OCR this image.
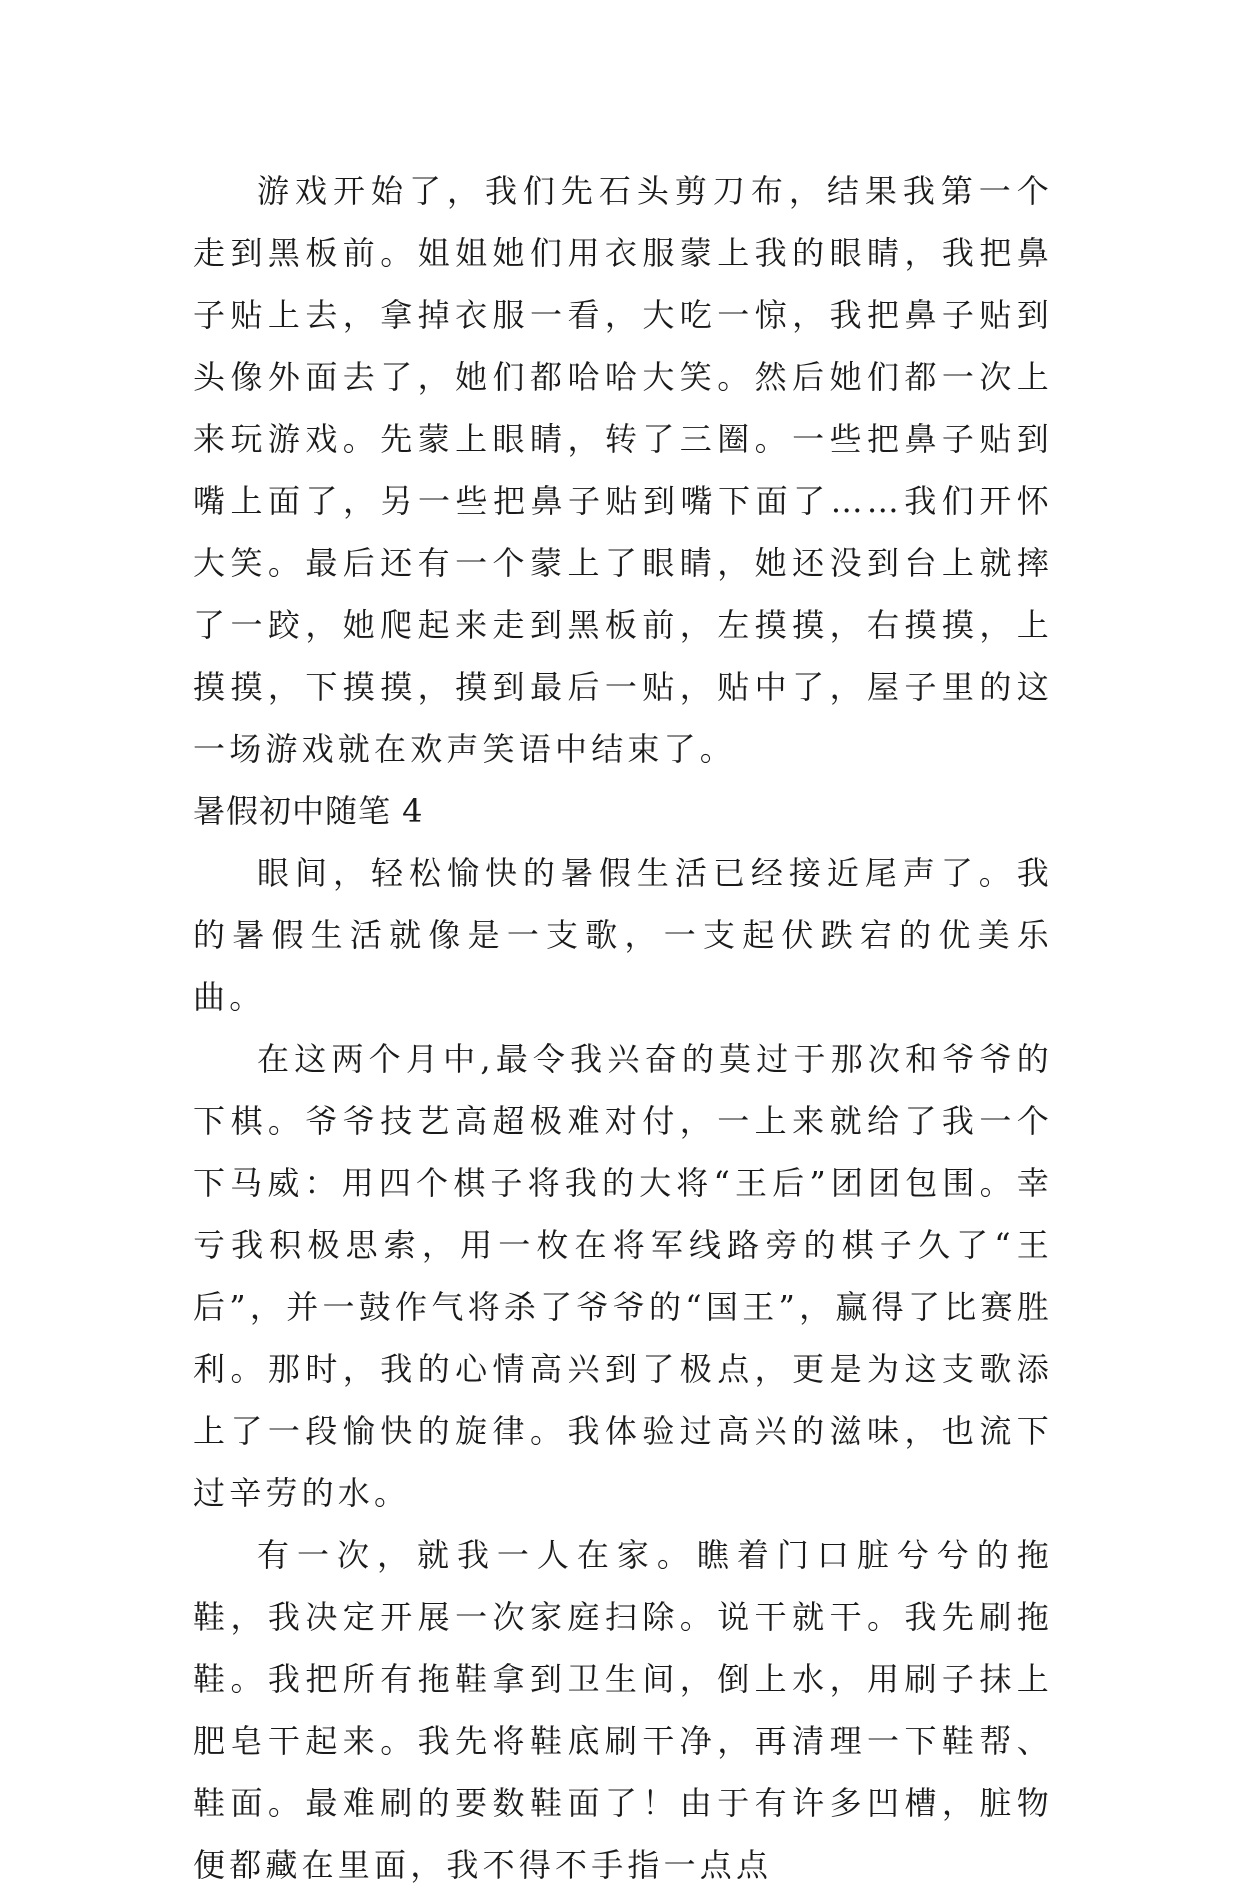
游戏开始了，我们先石头剪刀布，结果我第一个走到黑板前。姐姐她们用衣服蒙上我的眼睛，我把鼻子贴上去，拿掉衣服一看，大吃一惊，我把鼻子贴到头像外面去了，她们都哈哈大笑。然后她们都一次上来玩游戏。先蒙上眼睛，转了三圈。一些把鼻子贴到嘴上面了，另一些把鼻子贴到嘴下面了……我们开怀大笑。最后还有一个蒙上了眼睛，她还没到台上就摔了一跤，她爬起来走到黑板前，左摸摸，右摸摸，上摸摸，下摸摸，摸到最后一贴，贴中了，屋子里的这一场游戏就在欢声笑语中结束了。

暑假初中随笔 4

眼间，轻松愉快的暑假生活已经接近尾声了。我的暑假生活就像是一支歌，一支起伏跌宕的优美乐曲。

在这两个月中,最令我兴奋的莫过于那次和爷爷的下棋。爷爷技艺高超极难对付，一上来就给了我一个下马威：用四个棋子将我的大将“王后”团团包围。幸亏我积极思索，用一枚在将军线路旁的棋子久了“王后”，并一鼓作气将杀了爷爷的“国王”，赢得了比赛胜利。那时，我的心情高兴到了极点，更是为这支歌添上了一段愉快的旋律。我体验过高兴的滋味，也流下过辛劳的水。

有一次，就我一人在家。瞧着门口脏兮兮的拖鞋，我决定开展一次家庭扫除。说干就干。我先刷拖鞋。我把所有拖鞋拿到卫生间，倒上水，用刷子抹上肥皂干起来。我先将鞋底刷干净，再清理一下鞋帮、鞋面。最难刷的要数鞋面了！由于有许多凹槽，脏物便都藏在里面，我不得不手指一点点
